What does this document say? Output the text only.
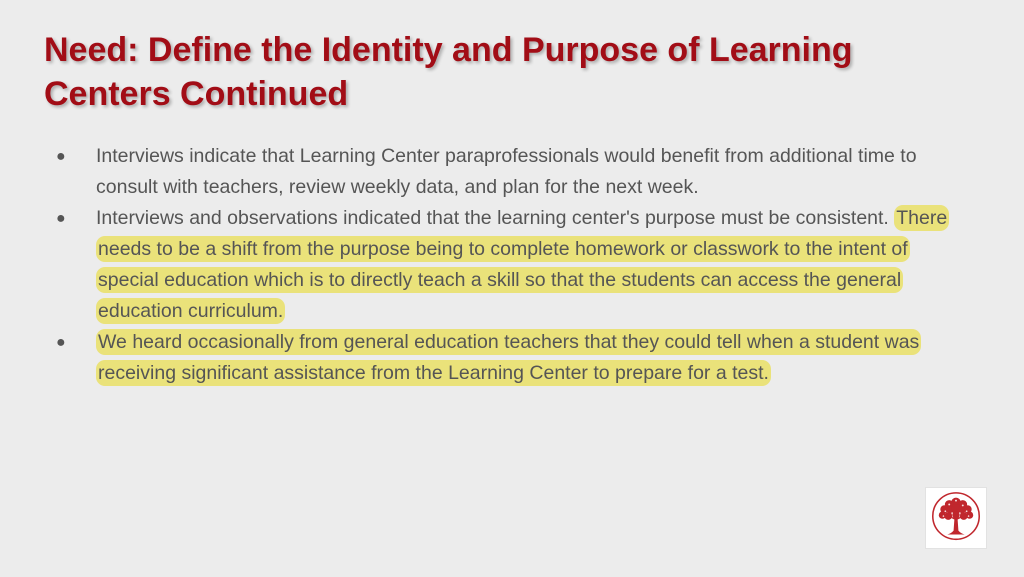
Need: Define the Identity and Purpose of Learning
Centers Continued
● Interviews indicate that Learning Center paraprofessionals would benefit from additional time to consult with teachers, review weekly data, and plan for the next week.
● Interviews and observations indicated that the learning center's purpose must be consistent. There needs to be a shift from the purpose being to complete homework or classwork to the intent of special education which is to directly teach a skill so that the students can access the general education curriculum.
● We heard occasionally from general education teachers that they could tell when a student was receiving significant assistance from the Learning Center to prepare for a test.
